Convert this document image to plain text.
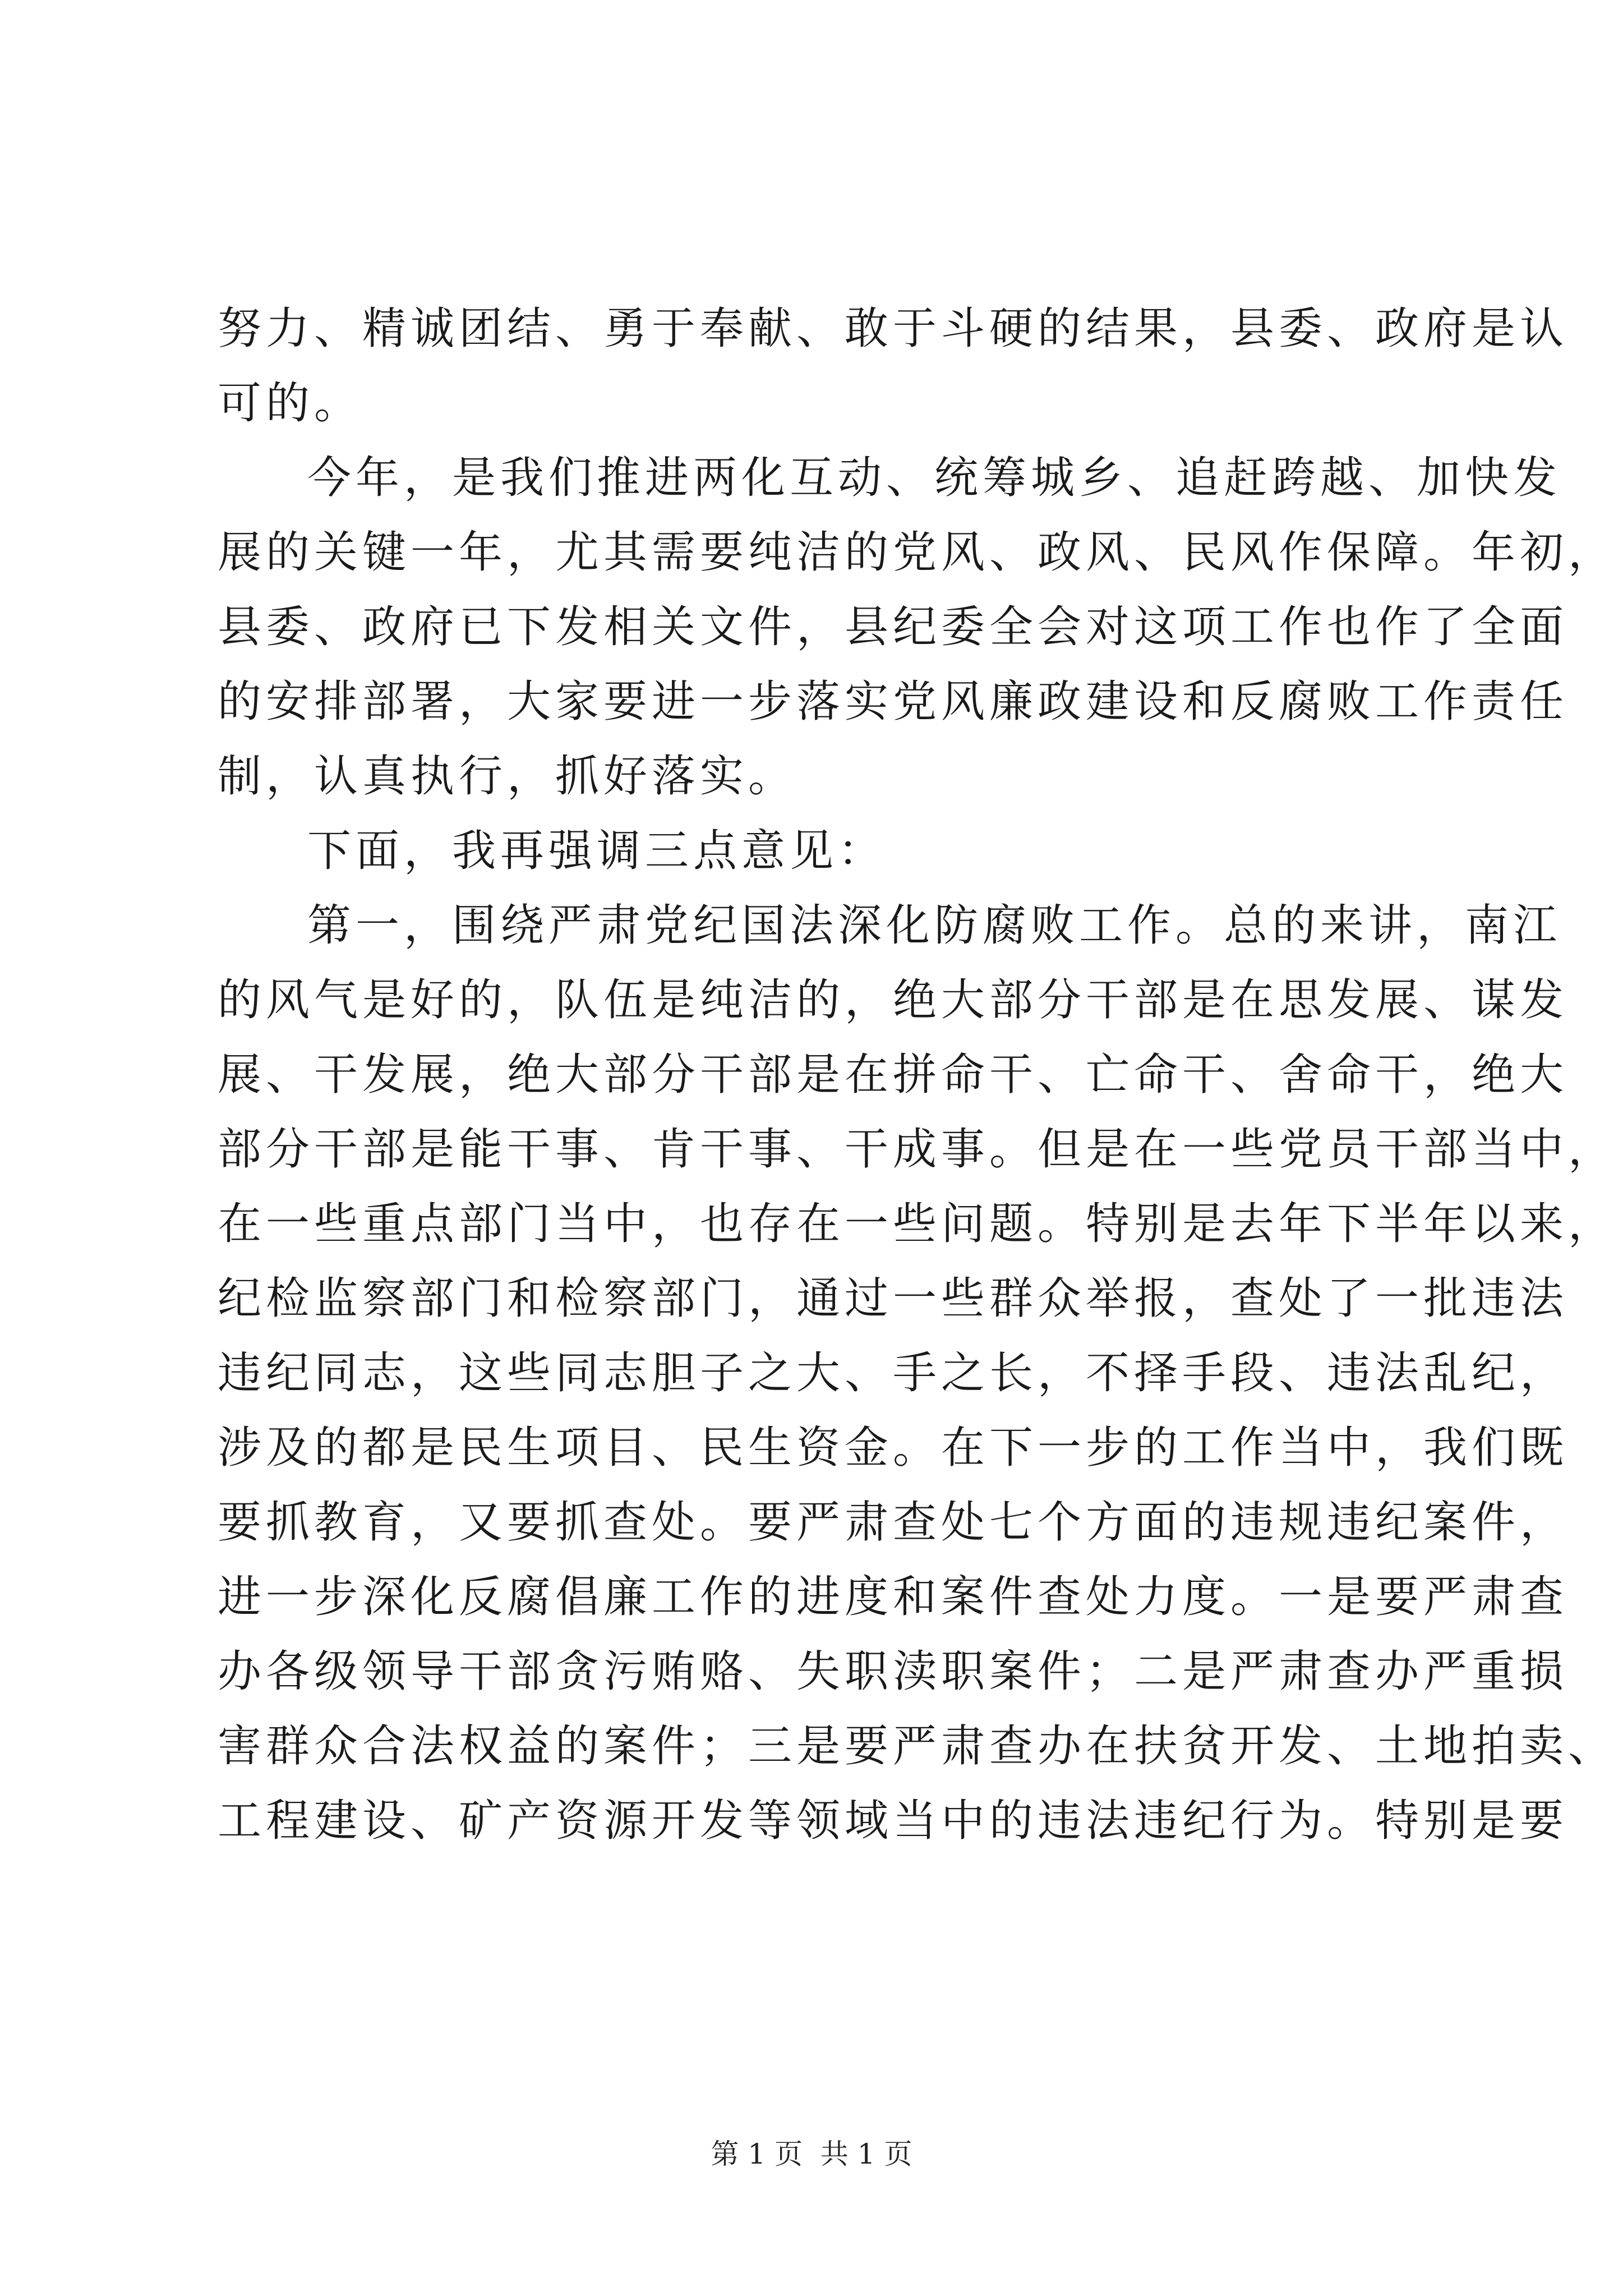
努力、精诚团结、勇于奉献、敢于斗硬的结果，县委、政府是认
可的。
今年，是我们推进两化互动、统筹城乡、追赶跨越、加快发
展的关键一年，尤其需要纯洁的党风、政风、民风作保障。年初，
县委、政府已下发相关文件，县纪委全会对这项工作也作了全面
的安排部署，大家要进一步落实党风廉政建设和反腐败工作责任
制，认真执行，抓好落实。
下面，我再强调三点意见：
第一，围绕严肃党纪国法深化防腐败工作。总的来讲，南江
的风气是好的，队伍是纯洁的，绝大部分干部是在思发展、谋发
展、干发展，绝大部分干部是在拼命干、亡命干、舍命干，绝大
部分干部是能干事、肯干事、干成事。但是在一些党员干部当中，
在一些重点部门当中，也存在一些问题。特别是去年下半年以来，
纪检监察部门和检察部门，通过一些群众举报，查处了一批违法
违纪同志，这些同志胆子之大、手之长，不择手段、违法乱纪，
涉及的都是民生项目、民生资金。在下一步的工作当中，我们既
要抓教育，又要抓查处。要严肃查处七个方面的违规违纪案件，
进一步深化反腐倡廉工作的进度和案件查处力度。一是要严肃查
办各级领导干部贪污贿赂、失职渎职案件；二是严肃查办严重损
害群众合法权益的案件；三是要严肃查办在扶贫开发、土地拍卖、
工程建设、矿产资源开发等领域当中的违法违纪行为。特别是要
第 1 页  共 1 页
